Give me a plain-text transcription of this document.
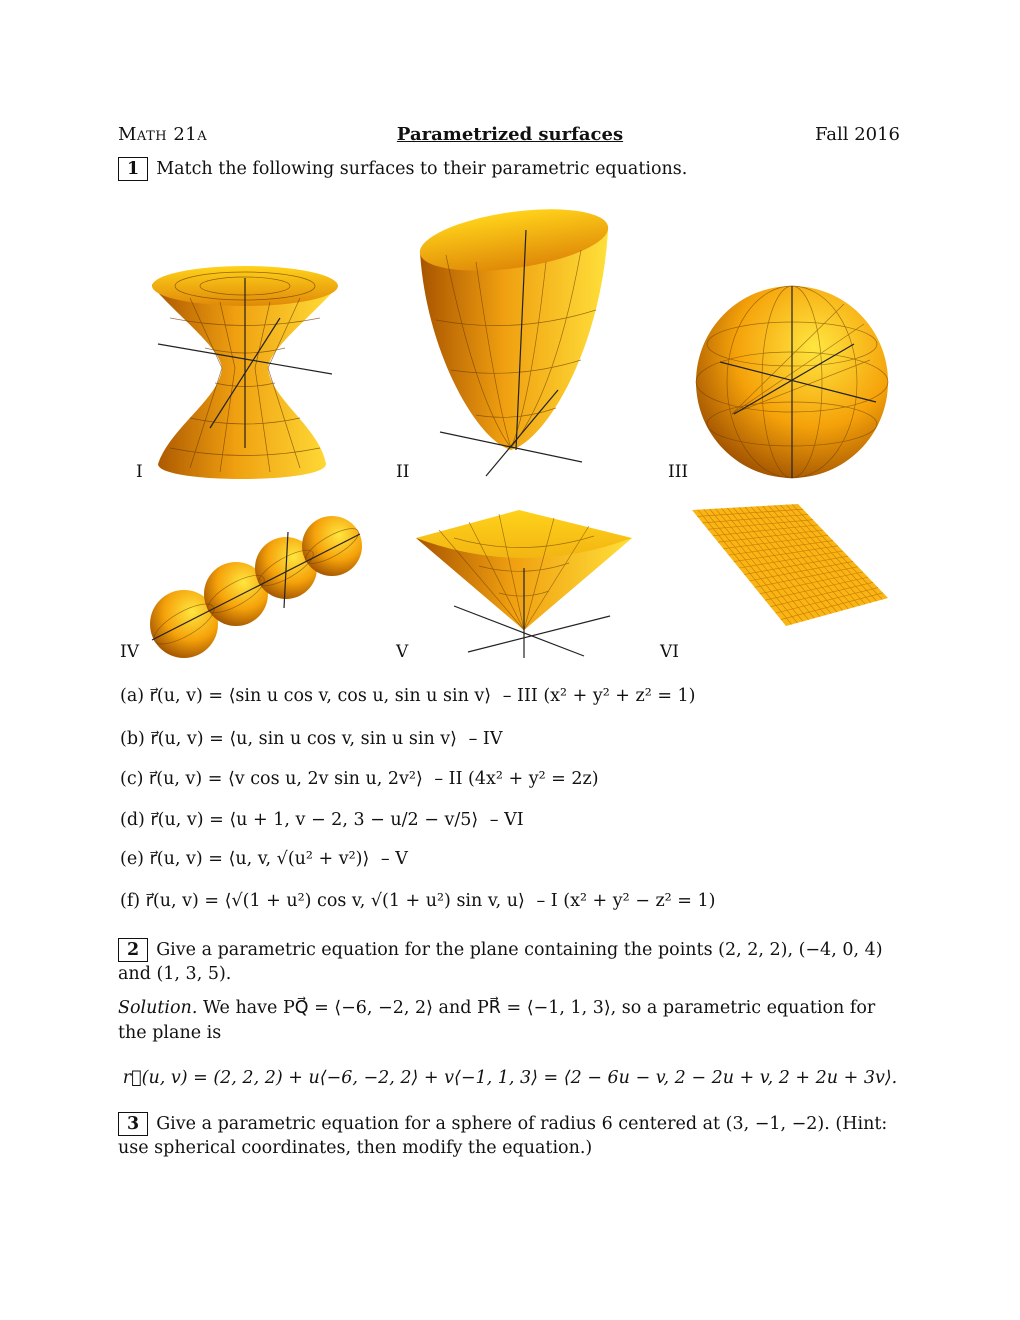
Parametrized surfaces
Math 21a	Fall 2016
1 Match the following surfaces to their parametric equations.
I	II	III
IV	V	VI
(a) r⃗(u, v) = ⟨sin u cos v, cos u, sin u sin v⟩ – III (x² + y² + z² = 1)
(b) r⃗(u, v) = ⟨u, sin u cos v, sin u sin v⟩ – IV
(c) r⃗(u, v) = ⟨v cos u, 2v sin u, 2v²⟩ – II (4x² + y² = 2z)
(d) r⃗(u, v) = ⟨u + 1, v − 2, 3 − u/2 − v/5⟩ – VI
(e) r⃗(u, v) = ⟨u, v, √(u² + v²)⟩ – V
(f) r⃗(u, v) = ⟨√(1 + u²) cos v, √(1 + u²) sin v, u⟩ – I (x² + y² − z² = 1)
2 Give a parametric equation for the plane containing the points (2, 2, 2), (−4, 0, 4) and (1, 3, 5).
Solution. We have PQ⃗ = ⟨−6, −2, 2⟩ and PR⃗ = ⟨−1, 1, 3⟩, so a parametric equation for the plane is
r⃗(u, v) = (2, 2, 2) + u⟨−6, −2, 2⟩ + v⟨−1, 1, 3⟩ = ⟨2 − 6u − v, 2 − 2u + v, 2 + 2u + 3v⟩.
3 Give a parametric equation for a sphere of radius 6 centered at (3, −1, −2). (Hint: use spherical coordinates, then modify the equation.)
